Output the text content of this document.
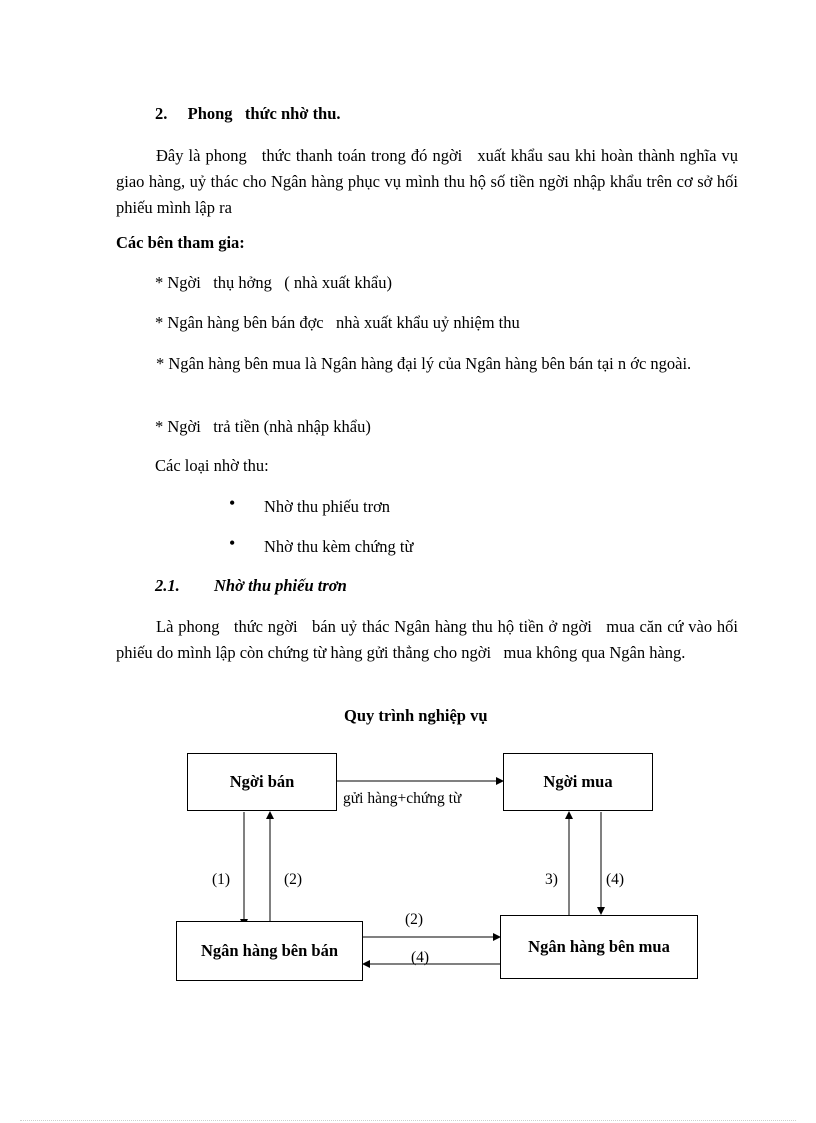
2. Phong   thức nhờ thu.
Đây là phong   thức thanh toán trong đó ngời   xuất khẩu sau khi hoàn thành nghĩa vụ giao hàng, uỷ thác cho Ngân hàng phục vụ mình thu hộ số tiền ngời nhập khẩu trên cơ sở hối phiếu mình lập ra
Các bên tham gia:
* Ngời   thụ hởng   ( nhà xuất khẩu)
* Ngân hàng bên bán đợc   nhà xuất khẩu uỷ nhiệm thu
* Ngân hàng bên mua là Ngân hàng đại lý của Ngân hàng bên bán tại n ớc ngoài.
* Ngời   trả tiền (nhà nhập khẩu)
Các loại nhờ thu:
• Nhờ thu phiếu trơn
• Nhờ thu kèm chứng từ
2.1. Nhờ thu phiếu trơn
Là phong   thức ngời   bán uỷ thác Ngân hàng thu hộ tiền ở ngời   mua căn cứ vào hối phiếu do mình lập còn chứng từ hàng gửi thẳng cho ngời   mua không qua Ngân hàng.
Quy trình nghiệp vụ
Ngời bán	Ngời mua
Ngân hàng bên bán	Ngân hàng bên mua
gửi hàng+chứng từ
(1)	(2)	3)	(4)
(2)
(4)
